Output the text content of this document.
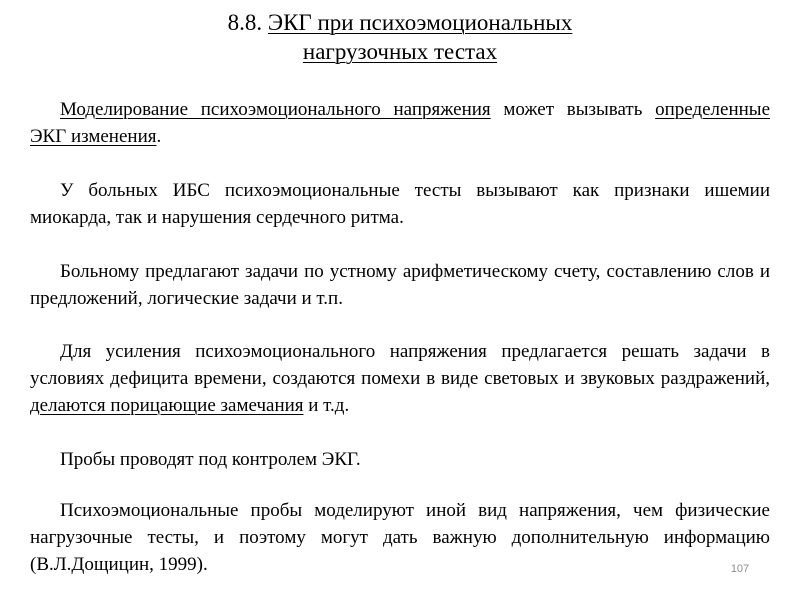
8.8. ЭКГ при психоэмоциональных
нагрузочных тестах

Моделирование психоэмоционального напряжения может вызывать определенные ЭКГ изменения.

У больных ИБС психоэмоциональные тесты вызывают как признаки ишемии миокарда, так и нарушения сердечного ритма.

Больному предлагают задачи по устному арифметическому счету, составлению слов и предложений, логические задачи и т.п.

Для усиления психоэмоционального напряжения предлагается решать задачи в условиях дефицита времени, создаются помехи в виде световых и звуковых раздражений, делаются порицающие замечания и т.д.

Пробы проводят под контролем ЭКГ.

Психоэмоциональные пробы моделируют иной вид напряжения, чем физические нагрузочные тесты, и поэтому могут дать важную дополнительную информацию (В.Л.Дощицин, 1999).	107
